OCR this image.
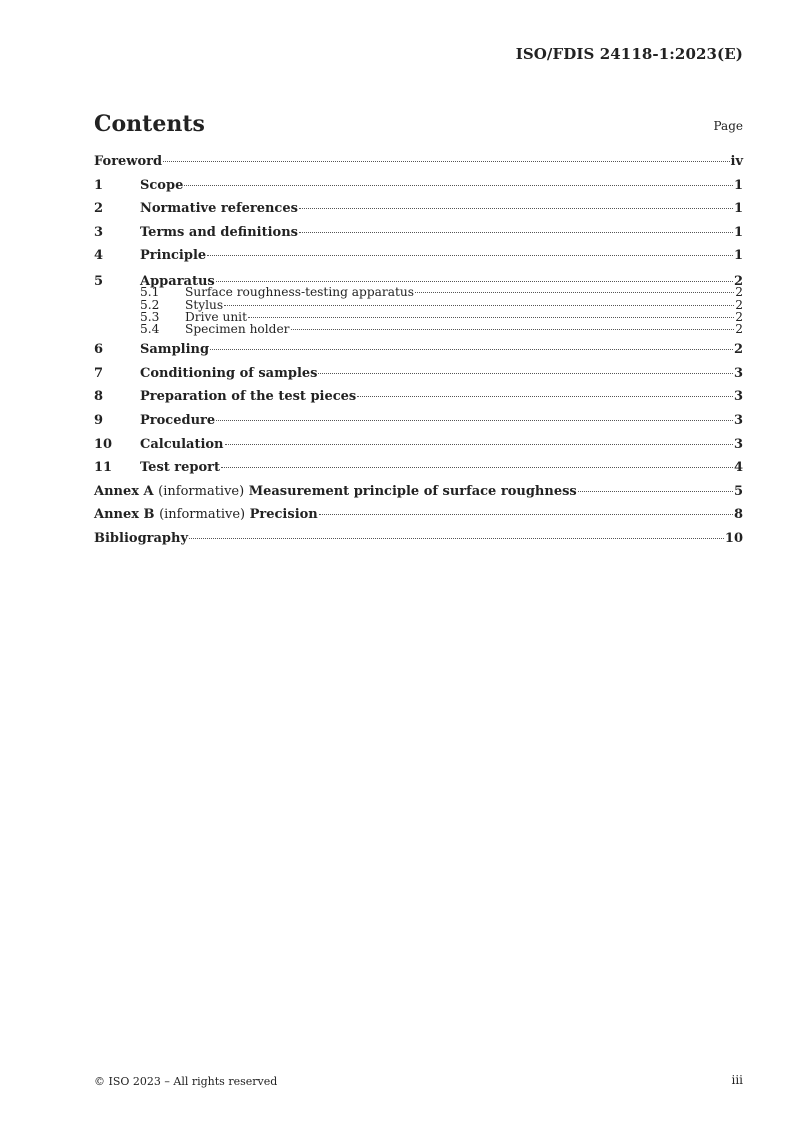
ISO/FDIS 24118-1:2023(E)
Contents	Page
Foreword	iv
1	Scope	1
2	Normative references	1
3	Terms and definitions	1
4	Principle	1
5	Apparatus	2
5.1	Surface roughness-testing apparatus	2
5.2	Stylus	2
5.3	Drive unit	2
5.4	Specimen holder	2
6	Sampling	2
7	Conditioning of samples	3
8	Preparation of the test pieces	3
9	Procedure	3
10	Calculation	3
11	Test report	4
Annex A (informative) Measurement principle of surface roughness	5
Annex B (informative) Precision	8
Bibliography	10
© ISO 2023 – All rights reserved	iii
